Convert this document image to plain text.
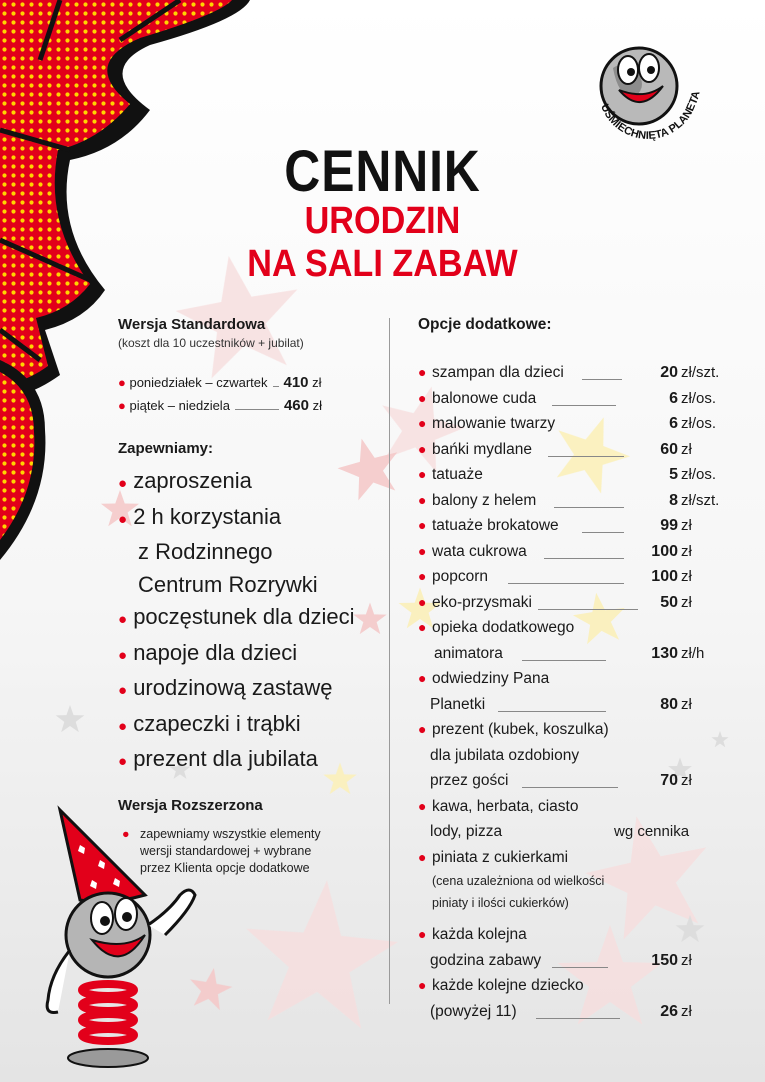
UŚMIECHNIĘTA PLANETA
CENNIK
URODZIN
NA SALI ZABAW
Wersja Standardowa
(koszt dla 10 uczestników + jubilat)
● poniedziałek – czwartek 410
zł
● piątek – niedziela	460
zł
Zapewniamy:
● zaproszenia
● 2 h korzystania
z Rodzinnego
Centrum Rozrywki
● poczęstunek dla dzieci
● napoje dla dzieci
● urodzinową zastawę
● czapeczki i trąbki
● prezent dla jubilata
Wersja Rozszerzona
● zapewniamy wszystkie elementy
wersji standardowej + wybrane
przez Klienta opcje dodatkowe
Opcje dodatkowe:
● szampan dla dzieci	20 zł/szt.
● balonowe cuda	6 zł/os.
● malowanie twarzy	6 zł/os.
● bańki mydlane	60 zł
● tatuaże	5 zł/os.
● balony z helem	8 zł/szt.
● tatuaże brokatowe	99 zł
● wata cukrowa	100 zł
● popcorn	100 zł
● eko-przysmaki	50 zł
● opieka dodatkowego
animatora	130 zł/h
● odwiedziny Pana
Planetki	80 zł
● prezent (kubek, koszulka)
dla jubilata ozdobiony
przez gości	70 zł
● kawa, herbata, ciasto
lody, pizza	wg cennika
● piniata z cukierkami
(cena uzależniona od wielkości
piniaty i ilości cukierków)
● każda kolejna
godzina zabawy	150 zł
● każde kolejne dziecko
(powyżej 11)	26 zł
